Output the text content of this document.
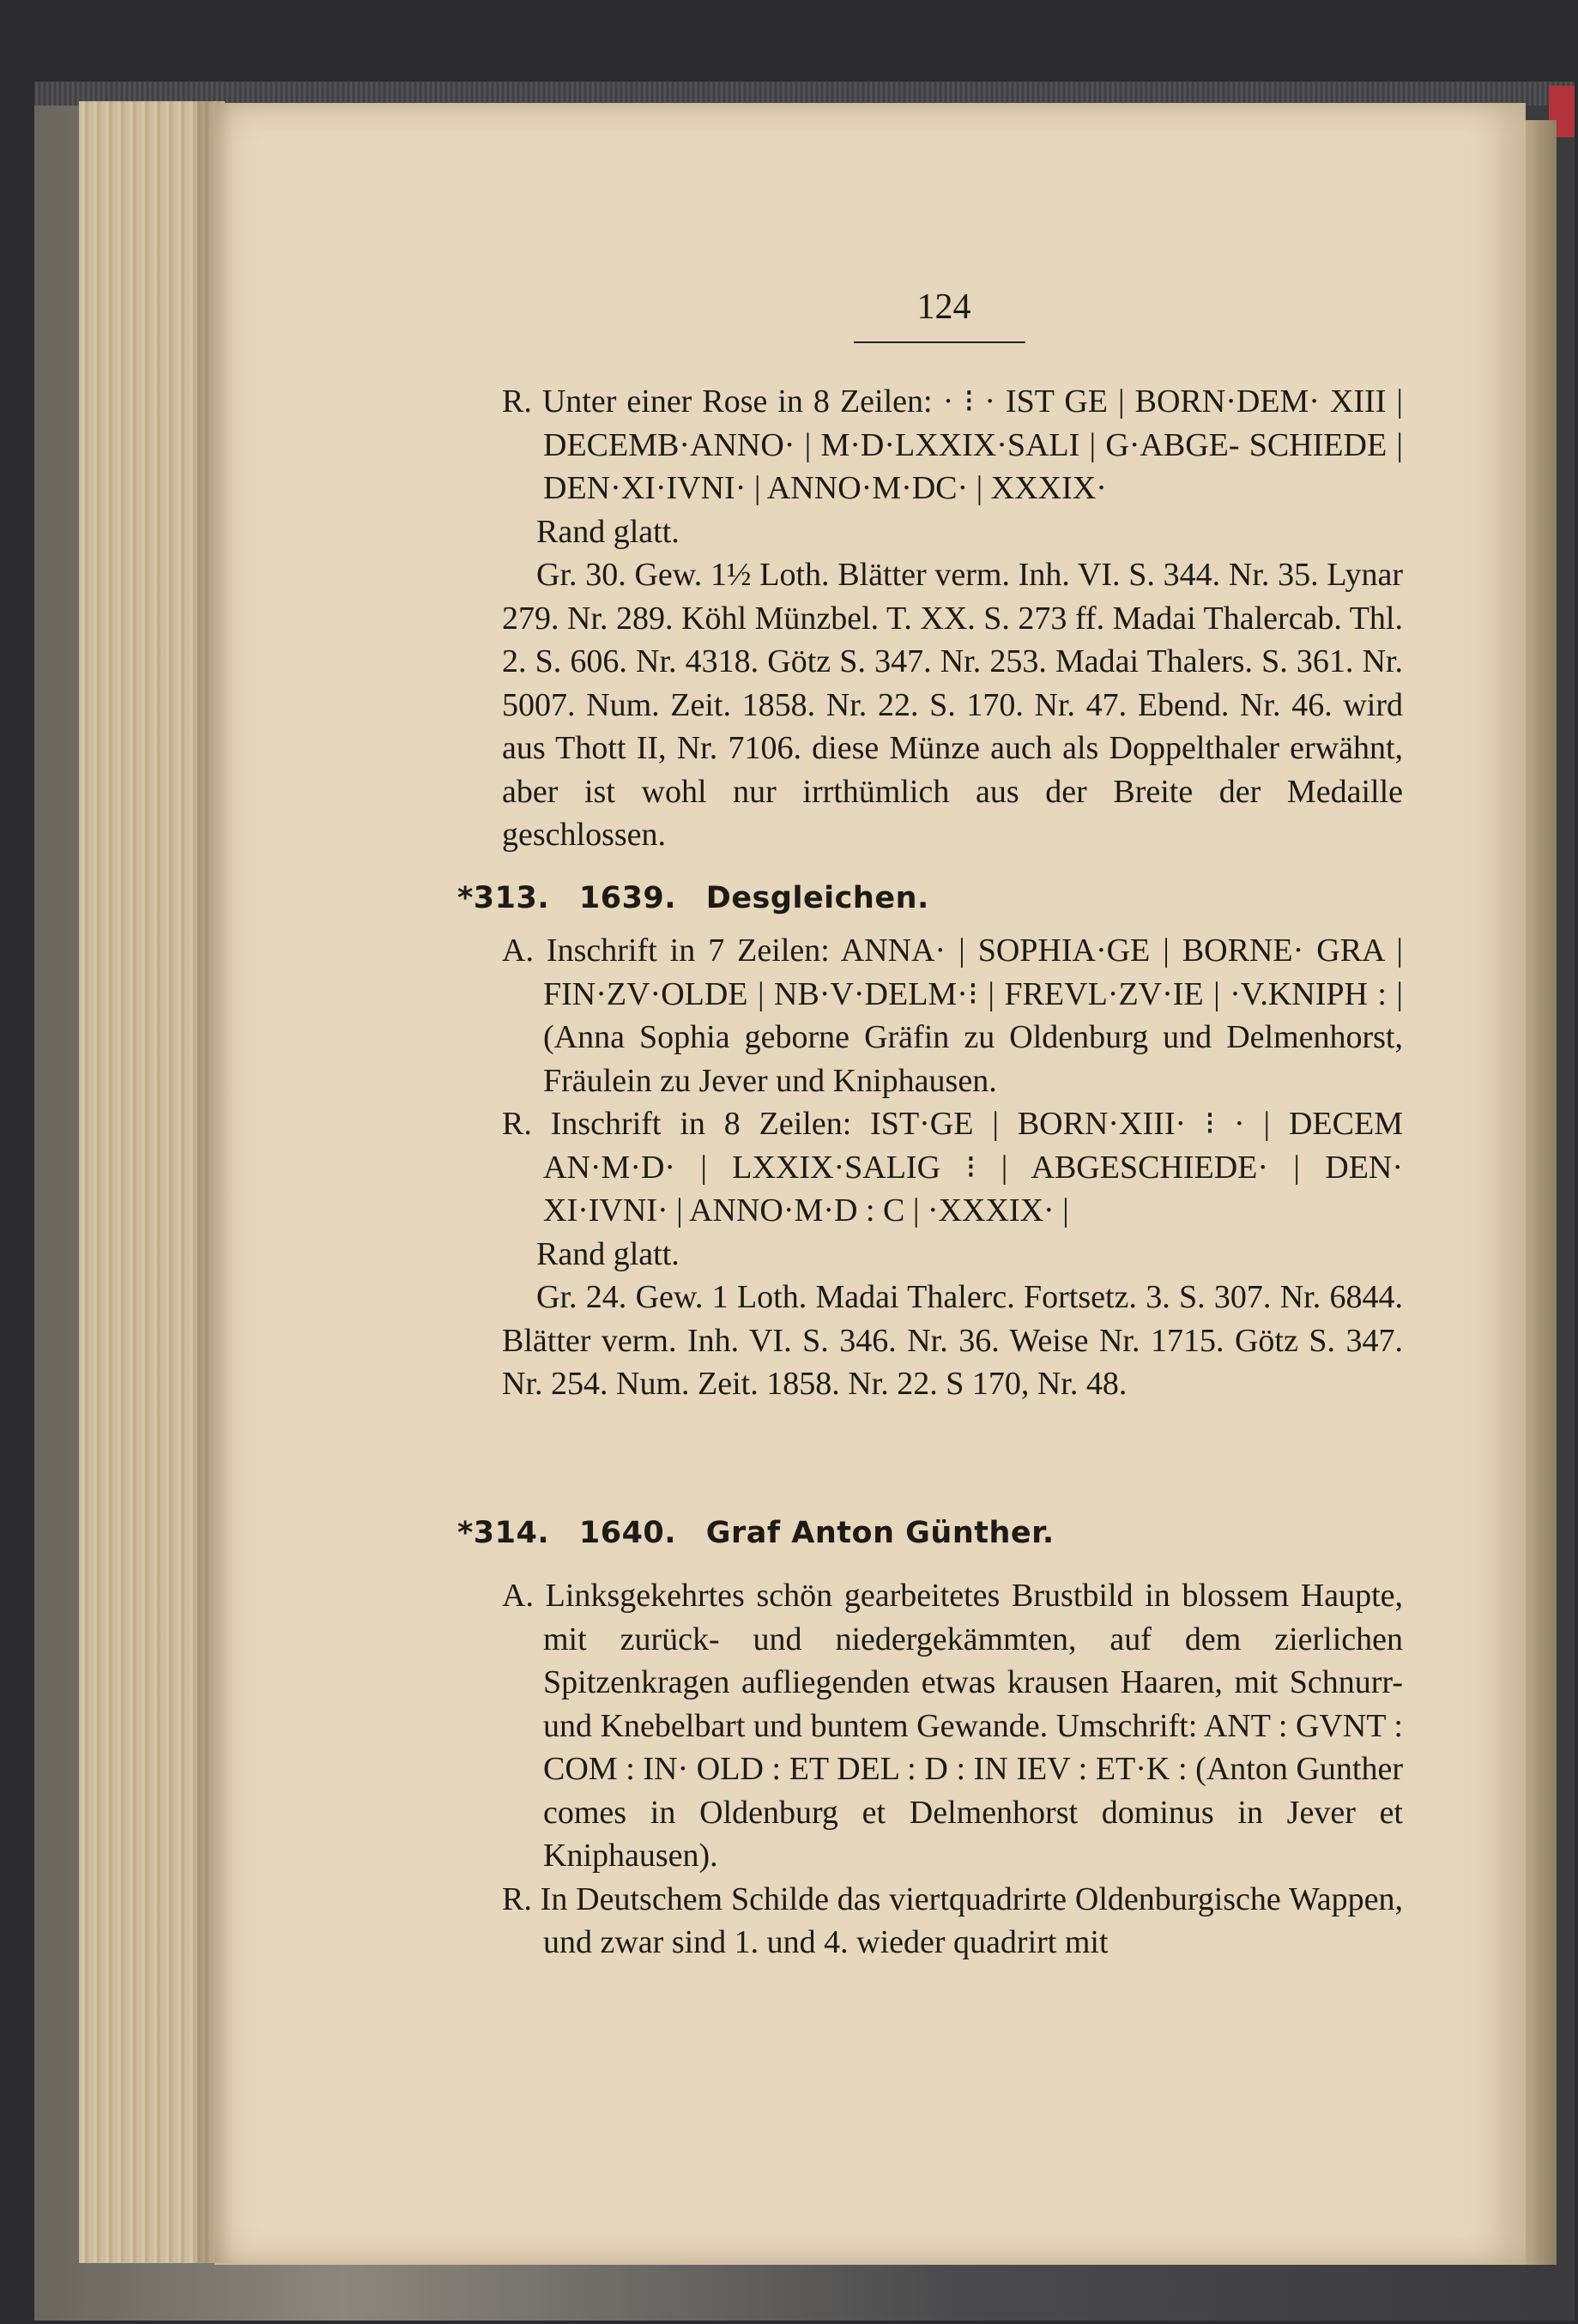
124

R. Unter einer Rose in 8 Zeilen: · ⁝ · IST GE | BORN·DEM· XIII | DECEMB·ANNO· | M·D·LXXIX·SALI | G·ABGE- SCHIEDE | DEN·XI·IVNI· | ANNO·M·DC· | XXXIX·

Rand glatt.

Gr. 30. Gew. 1½ Loth. Blätter verm. Inh. VI. S. 344. Nr. 35. Lynar 279. Nr. 289. Köhl Münzbel. T. XX. S. 273 ff. Madai Thalercab. Thl. 2. S. 606. Nr. 4318. Götz S. 347. Nr. 253. Madai Thalers. S. 361. Nr. 5007. Num. Zeit. 1858. Nr. 22. S. 170. Nr. 47. Ebend. Nr. 46. wird aus Thott II, Nr. 7106. diese Münze auch als Doppelthaler erwähnt, aber ist wohl nur irrthümlich aus der Breite der Medaille geschlossen.

*313. 1639. Desgleichen.

A. Inschrift in 7 Zeilen: ANNA· | SOPHIA·GE | BORNE· GRA | FIN·ZV·OLDE | NB·V·DELM·⁝ | FREVL·ZV·IE | ·V.KNIPH : | (Anna Sophia geborne Gräfin zu Oldenburg und Delmenhorst, Fräulein zu Jever und Kniphausen.

R. Inschrift in 8 Zeilen: IST·GE | BORN·XIII· ⁝ · | DECEM AN·M·D· | LXXIX·SALIG ⁝ | ABGESCHIEDE· | DEN· XI·IVNI· | ANNO·M·D : C | ·XXXIX· |

Rand glatt.

Gr. 24. Gew. 1 Loth. Madai Thalerc. Fortsetz. 3. S. 307. Nr. 6844. Blätter verm. Inh. VI. S. 346. Nr. 36. Weise Nr. 1715. Götz S. 347. Nr. 254. Num. Zeit. 1858. Nr. 22. S 170, Nr. 48.

*314. 1640. Graf Anton Günther.

A. Linksgekehrtes schön gearbeitetes Brustbild in blossem Haupte, mit zurück- und niedergekämmten, auf dem zierlichen Spitzenkragen aufliegenden etwas krausen Haaren, mit Schnurr- und Knebelbart und buntem Gewande. Umschrift: ANT : GVNT : COM : IN· OLD : ET DEL : D : IN IEV : ET·K : (Anton Gunther comes in Oldenburg et Delmenhorst dominus in Jever et Kniphausen).

R. In Deutschem Schilde das viertquadrirte Oldenburgische Wappen, und zwar sind 1. und 4. wieder quadrirt mit
